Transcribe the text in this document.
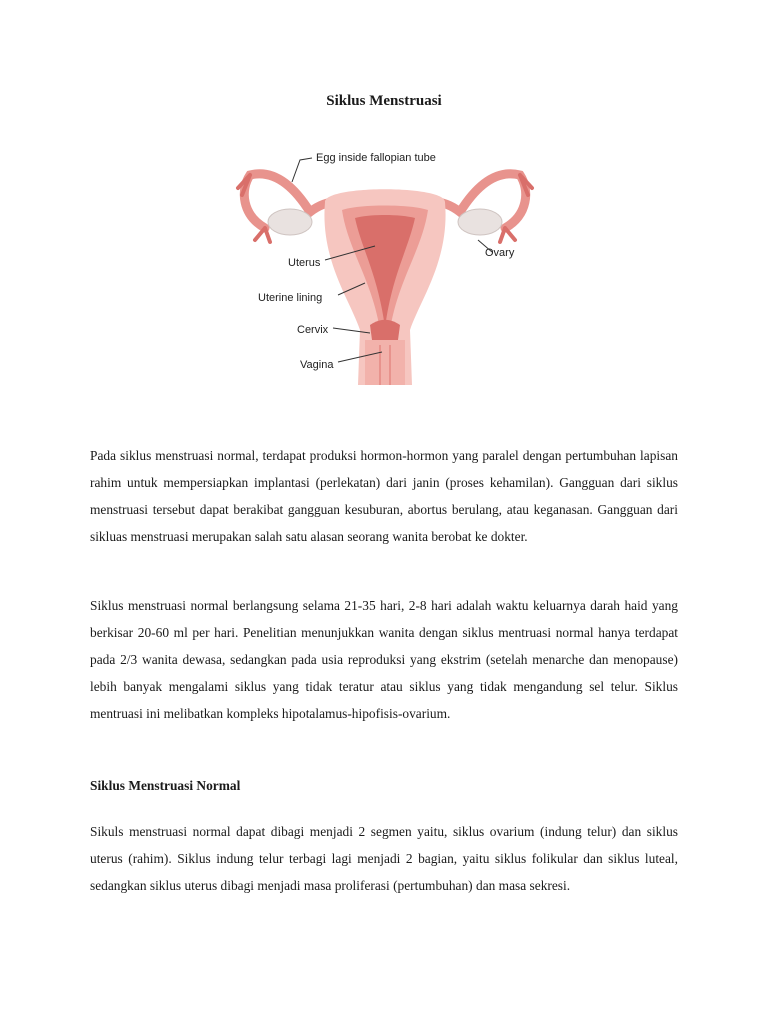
Siklus Menstruasi
Egg inside fallopian tube
Ovary
Uterus
Uterine lining
Cervix
Vagina

Pada siklus menstruasi normal, terdapat produksi hormon-hormon yang paralel dengan pertumbuhan lapisan rahim untuk mempersiapkan implantasi (perlekatan) dari janin (proses kehamilan). Gangguan dari siklus menstruasi tersebut dapat berakibat gangguan kesuburan, abortus berulang, atau keganasan. Gangguan dari sikluas menstruasi merupakan salah satu alasan seorang wanita berobat ke dokter.

Siklus menstruasi normal berlangsung selama 21-35 hari, 2-8 hari adalah waktu keluarnya darah haid yang berkisar 20-60 ml per hari. Penelitian menunjukkan wanita dengan siklus mentruasi normal hanya terdapat pada 2/3 wanita dewasa, sedangkan pada usia reproduksi yang ekstrim (setelah menarche dan menopause) lebih banyak mengalami siklus yang tidak teratur atau siklus yang tidak mengandung sel telur. Siklus mentruasi ini melibatkan kompleks hipotalamus-hipofisis-ovarium.

Siklus Menstruasi Normal

Sikuls menstruasi normal dapat dibagi menjadi 2 segmen yaitu, siklus ovarium (indung telur) dan siklus uterus (rahim). Siklus indung telur terbagi lagi menjadi 2 bagian, yaitu siklus folikular dan siklus luteal, sedangkan siklus uterus dibagi menjadi masa proliferasi (pertumbuhan) dan masa sekresi.
